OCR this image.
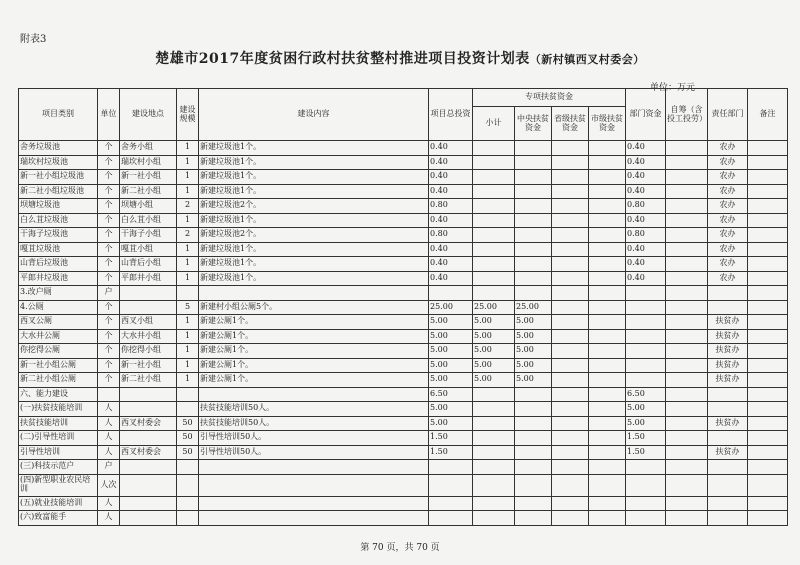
附表3
楚雄市2017年度贫困行政村扶贫整村推进项目投资计划表（新村镇西叉村委会）
单位：万元
项目类别	单位	建设地点	建设规模	建设内容	项目总投资	专项扶贫资金				部门资金	自筹（含投工投劳）	责任部门	备注
						小计	中央扶贫资金	省级扶贫资金	市级扶贫资金				
舍务垃圾池	个	舍务小组	1	新建垃圾池1个。	0.40					0.40		农办	
瑞坎村垃圾池	个	瑞坎村小组	1	新建垃圾池1个。	0.40					0.40		农办	
新一社小组垃圾池	个	新一社小组	1	新建垃圾池1个。	0.40					0.40		农办	
新二社小组垃圾池	个	新二社小组	1	新建垃圾池1个。	0.40					0.40		农办	
坝塘垃圾池	个	坝塘小组	2	新建垃圾池2个。	0.80					0.80		农办	
白么苴垃圾池	个	白么苴小组	1	新建垃圾池1个。	0.40					0.40		农办	
干海子垃圾池	个	干海子小组	2	新建垃圾池2个。	0.80					0.80		农办	
嘎苴垃圾池	个	嘎苴小组	1	新建垃圾池1个。	0.40					0.40		农办	
山背后垃圾池	个	山背后小组	1	新建垃圾池1个。	0.40					0.40		农办	
平郎井垃圾池	个	平郎井小组	1	新建垃圾池1个。	0.40					0.40		农办	
3.改户厕	户												
4.公厕	个		5	新建村小组公厕5个。	25.00	25.00	25.00						
西叉公厕	个	西叉小组	1	新建公厕1个。	5.00	5.00	5.00					扶贫办	
大水井公厕	个	大水井小组	1	新建公厕1个。	5.00	5.00	5.00					扶贫办	
你挖得公厕	个	你挖得小组	1	新建公厕1个。	5.00	5.00	5.00					扶贫办	
新一社小组公厕	个	新一社小组	1	新建公厕1个。	5.00	5.00	5.00					扶贫办	
新二社小组公厕	个	新二社小组	1	新建公厕1个。	5.00	5.00	5.00					扶贫办	
六、能力建设					6.50					6.50			
(一)扶贫技能培训	人			扶贫技能培训50人。	5.00					5.00			
扶贫技能培训	人	西叉村委会	50	扶贫技能培训50人。	5.00					5.00		扶贫办	
(二)引导性培训	人		50	引导性培训50人。	1.50					1.50			
引导性培训	人	西叉村委会	50	引导性培训50人。	1.50					1.50		扶贫办	
(三)科技示范户	户												
(四)新型职业农民培训	人次												
(五)就业技能培训	人												
(六)致富能手	人												
第 70 页，共 70 页
